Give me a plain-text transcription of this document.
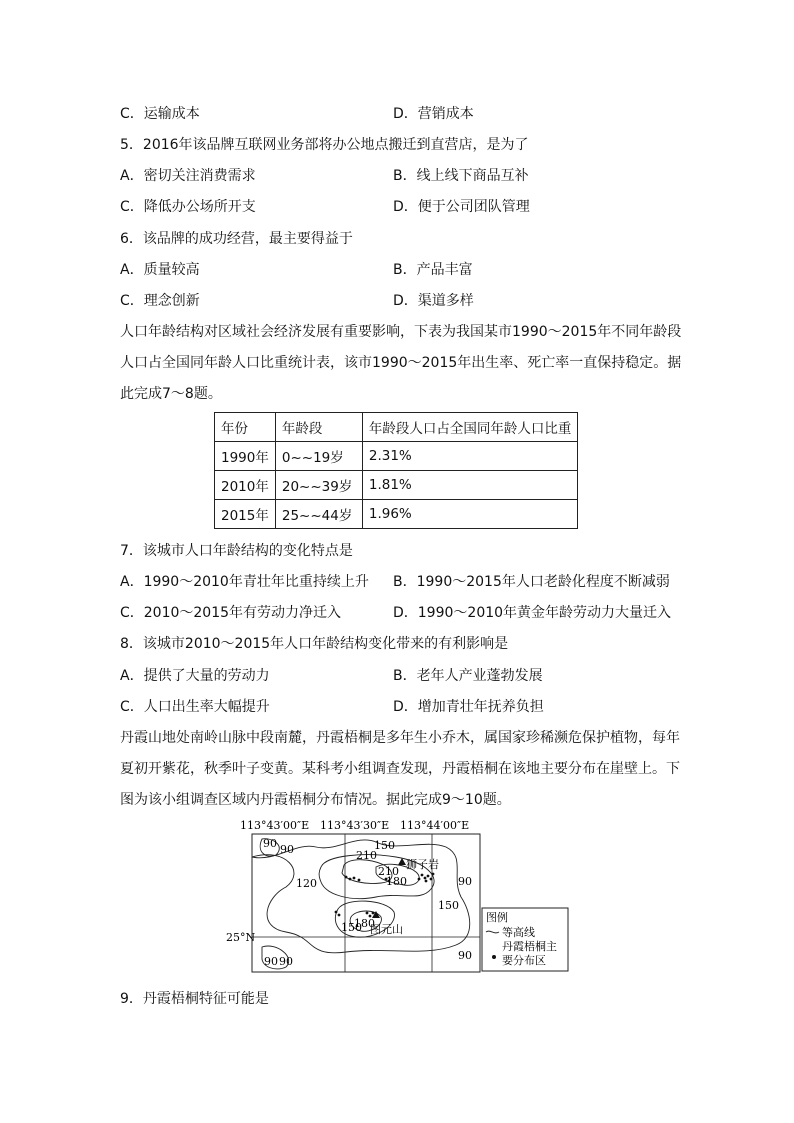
C．运输成本	D．营销成本
5．2016年该品牌互联网业务部将办公地点搬迁到直营店，是为了
A．密切关注消费需求	B．线上线下商品互补
C．降低办公场所开支	D．便于公司团队管理
6．该品牌的成功经营，最主要得益于
A．质量较高	B．产品丰富
C．理念创新	D．渠道多样
人口年龄结构对区域社会经济发展有重要影响，下表为我国某市1990～2015年不同年龄段
人口占全国同年龄人口比重统计表，该市1990～2015年出生率、死亡率一直保持稳定。据
此完成7～8题。
年份	年龄段	年龄段人口占全国同年龄人口比重
1990年	0~~19岁	2.31%
2010年	20~~39岁	1.81%
2015年	25~~44岁	1.96%
7．该城市人口年龄结构的变化特点是
A．1990～2010年青壮年比重持续上升 B．1990～2015年人口老龄化程度不断减弱
C．2010～2015年有劳动力净迁入	D．1990～2010年黄金年龄劳动力大量迁入
8．该城市2010～2015年人口年龄结构变化带来的有利影响是
A．提供了大量的劳动力	B．老年人产业蓬勃发展
C．人口出生率大幅提升	D．增加青壮年抚养负担
丹霞山地处南岭山脉中段南麓，丹霞梧桐是多年生小乔木，属国家珍稀濒危保护植物，每年
夏初开紫花，秋季叶子变黄。某科考小组调查发现，丹霞梧桐在该地主要分布在崖壁上。下
图为该小组调查区域内丹霞梧桐分布情况。据此完成9～10题。
113°43′00″E 113°43′30″E 113°44′00″E
25°N
狮子岩
图元山
90 90	210
150
210
180
120	90
150
150
180
90 90	90
图例
等高线
丹霞梧桐主
要分布区
9．丹霞梧桐特征可能是
